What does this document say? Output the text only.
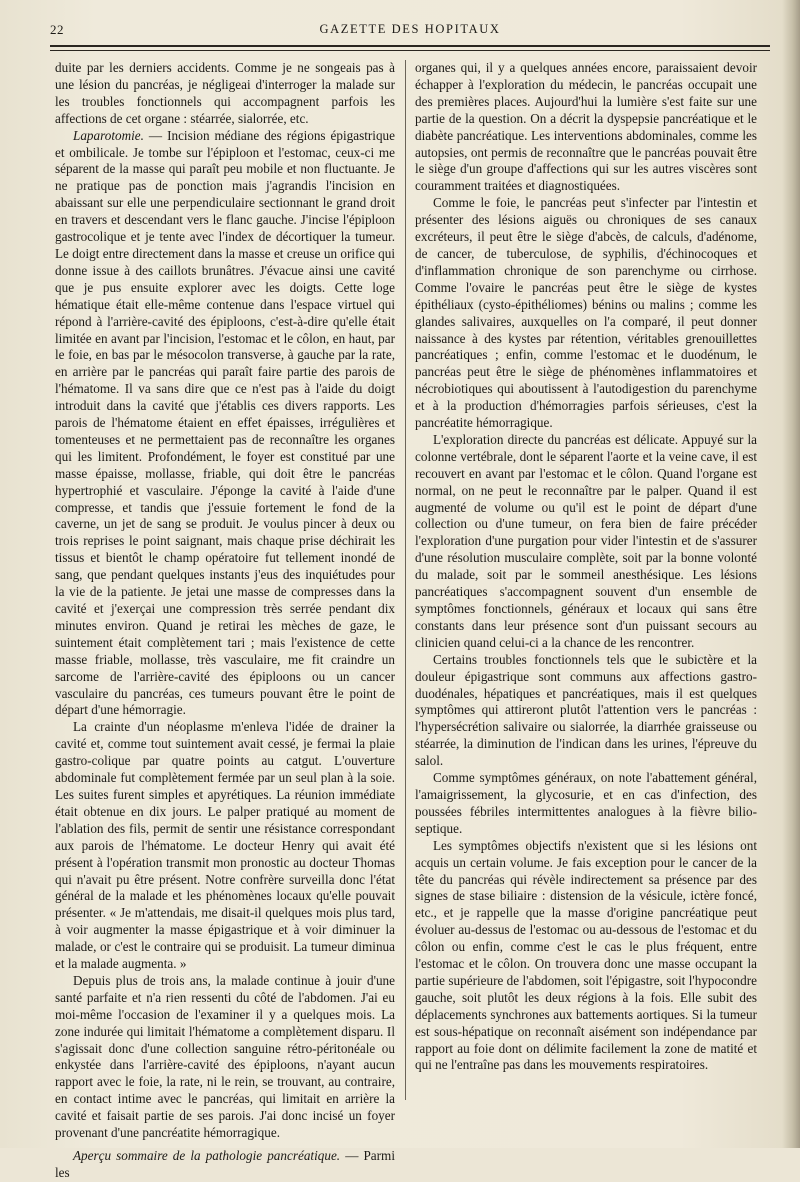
22	GAZETTE DES HOPITAUX

duite par les derniers accidents. Comme je ne songeais pas à une lésion du pancréas, je négligeai d'interroger la malade sur les troubles fonctionnels qui accompagnent parfois les affections de cet organe : stéarrée, sialorrée, etc.

Laparotomie. — Incision médiane des régions épigastrique et ombilicale. Je tombe sur l'épiploon et l'estomac, ceux-ci me séparent de la masse qui paraît peu mobile et non fluctuante. Je ne pratique pas de ponction mais j'agrandis l'incision en abaissant sur elle une perpendiculaire sectionnant le grand droit en travers et descendant vers le flanc gauche. J'incise l'épiploon gastrocolique et je tente avec l'index de décortiquer la tumeur. Le doigt entre directement dans la masse et creuse un orifice qui donne issue à des caillots brunâtres. J'évacue ainsi une cavité que je pus ensuite explorer avec les doigts. Cette loge hématique était elle-même contenue dans l'espace virtuel qui répond à l'arrière-cavité des épiploons, c'est-à-dire qu'elle était limitée en avant par l'incision, l'estomac et le côlon, en haut, par le foie, en bas par le mésocolon transverse, à gauche par la rate, en arrière par le pancréas qui paraît faire partie des parois de l'hématome. Il va sans dire que ce n'est pas à l'aide du doigt introduit dans la cavité que j'établis ces divers rapports. Les parois de l'hématome étaient en effet épaisses, irrégulières et tomenteuses et ne permettaient pas de reconnaître les organes qui les limitent. Profondément, le foyer est constitué par une masse épaisse, mollasse, friable, qui doit être le pancréas hypertrophié et vasculaire. J'éponge la cavité à l'aide d'une compresse, et tandis que j'essuie fortement le fond de la caverne, un jet de sang se produit. Je voulus pincer à deux ou trois reprises le point saignant, mais chaque prise déchirait les tissus et bientôt le champ opératoire fut tellement inondé de sang, que pendant quelques instants j'eus des inquiétudes pour la vie de la patiente. Je jetai une masse de compresses dans la cavité et j'exerçai une compression très serrée pendant dix minutes environ. Quand je retirai les mèches de gaze, le suintement était complètement tari ; mais l'existence de cette masse friable, mollasse, très vasculaire, me fit craindre un sarcome de l'arrière-cavité des épiploons ou un cancer vasculaire du pancréas, ces tumeurs pouvant être le point de départ d'une hémorragie.

La crainte d'un néoplasme m'enleva l'idée de drainer la cavité et, comme tout suintement avait cessé, je fermai la plaie gastro-colique par quatre points au catgut. L'ouverture abdominale fut complètement fermée par un seul plan à la soie. Les suites furent simples et apyrétiques. La réunion immédiate était obtenue en dix jours. Le palper pratiqué au moment de l'ablation des fils, permit de sentir une résistance correspondant aux parois de l'hématome. Le docteur Henry qui avait été présent à l'opération transmit mon pronostic au docteur Thomas qui n'avait pu être présent. Notre confrère surveilla donc l'état général de la malade et les phénomènes locaux qu'elle pouvait présenter. « Je m'attendais, me disait-il quelques mois plus tard, à voir augmenter la masse épigastrique et à voir diminuer la malade, or c'est le contraire qui se produisit. La tumeur diminua et la malade augmenta. »

Depuis plus de trois ans, la malade continue à jouir d'une santé parfaite et n'a rien ressenti du côté de l'abdomen. J'ai eu moi-même l'occasion de l'examiner il y a quelques mois. La zone indurée qui limitait l'hématome a complètement disparu. Il s'agissait donc d'une collection sanguine rétro-péritonéale ou enkystée dans l'arrière-cavité des épiploons, n'ayant aucun rapport avec le foie, la rate, ni le rein, se trouvant, au contraire, en contact intime avec le pancréas, qui limitait en arrière la cavité et faisait partie de ses parois. J'ai donc incisé un foyer provenant d'une pancréatite hémorragique.

Aperçu sommaire de la pathologie pancréatique. — Parmi les

organes qui, il y a quelques années encore, paraissaient devoir échapper à l'exploration du médecin, le pancréas occupait une des premières places. Aujourd'hui la lumière s'est faite sur une partie de la question. On a décrit la dyspepsie pancréatique et le diabète pancréatique. Les interventions abdominales, comme les autopsies, ont permis de reconnaître que le pancréas pouvait être le siège d'un groupe d'affections qui sur les autres viscères sont couramment traitées et diagnostiquées.

Comme le foie, le pancréas peut s'infecter par l'intestin et présenter des lésions aiguës ou chroniques de ses canaux excréteurs, il peut être le siège d'abcès, de calculs, d'adénome, de cancer, de tuberculose, de syphilis, d'échinocoques et d'inflammation chronique de son parenchyme ou cirrhose. Comme l'ovaire le pancréas peut être le siège de kystes épithéliaux (cysto-épithéliomes) bénins ou malins ; comme les glandes salivaires, auxquelles on l'a comparé, il peut donner naissance à des kystes par rétention, véritables grenouillettes pancréatiques ; enfin, comme l'estomac et le duodénum, le pancréas peut être le siège de phénomènes inflammatoires et nécrobiotiques qui aboutissent à l'autodigestion du parenchyme et à la production d'hémorragies parfois sérieuses, c'est la pancréatite hémorragique.

L'exploration directe du pancréas est délicate. Appuyé sur la colonne vertébrale, dont le séparent l'aorte et la veine cave, il est recouvert en avant par l'estomac et le côlon. Quand l'organe est normal, on ne peut le reconnaître par le palper. Quand il est augmenté de volume ou qu'il est le point de départ d'une collection ou d'une tumeur, on fera bien de faire précéder l'exploration d'une purgation pour vider l'intestin et de s'assurer d'une résolution musculaire complète, soit par la bonne volonté du malade, soit par le sommeil anesthésique. Les lésions pancréatiques s'accompagnent souvent d'un ensemble de symptômes fonctionnels, généraux et locaux qui sans être constants dans leur présence sont d'un puissant secours au clinicien quand celui-ci a la chance de les rencontrer.

Certains troubles fonctionnels tels que le subictère et la douleur épigastrique sont communs aux affections gastro-duodénales, hépatiques et pancréatiques, mais il est quelques symptômes qui attireront plutôt l'attention vers le pancréas : l'hypersécrétion salivaire ou sialorrée, la diarrhée graisseuse ou stéarrée, la diminution de l'indican dans les urines, l'épreuve du salol.

Comme symptômes généraux, on note l'abattement général, l'amaigrissement, la glycosurie, et en cas d'infection, des poussées fébriles intermittentes analogues à la fièvre bilio-septique.

Les symptômes objectifs n'existent que si les lésions ont acquis un certain volume. Je fais exception pour le cancer de la tête du pancréas qui révèle indirectement sa présence par des signes de stase biliaire : distension de la vésicule, ictère foncé, etc., et je rappelle que la masse d'origine pancréatique peut évoluer au-dessus de l'estomac ou au-dessous de l'estomac et du côlon ou enfin, comme c'est le cas le plus fréquent, entre l'estomac et le côlon. On trouvera donc une masse occupant la partie supérieure de l'abdomen, soit l'épigastre, soit l'hypocondre gauche, soit plutôt les deux régions à la fois. Elle subit des déplacements synchrones aux battements aortiques. Si la tumeur est sous-hépatique on reconnaît aisément son indépendance par rapport au foie dont on délimite facilement la zone de matité et qui ne l'entraîne pas dans les mouvements respiratoires.
